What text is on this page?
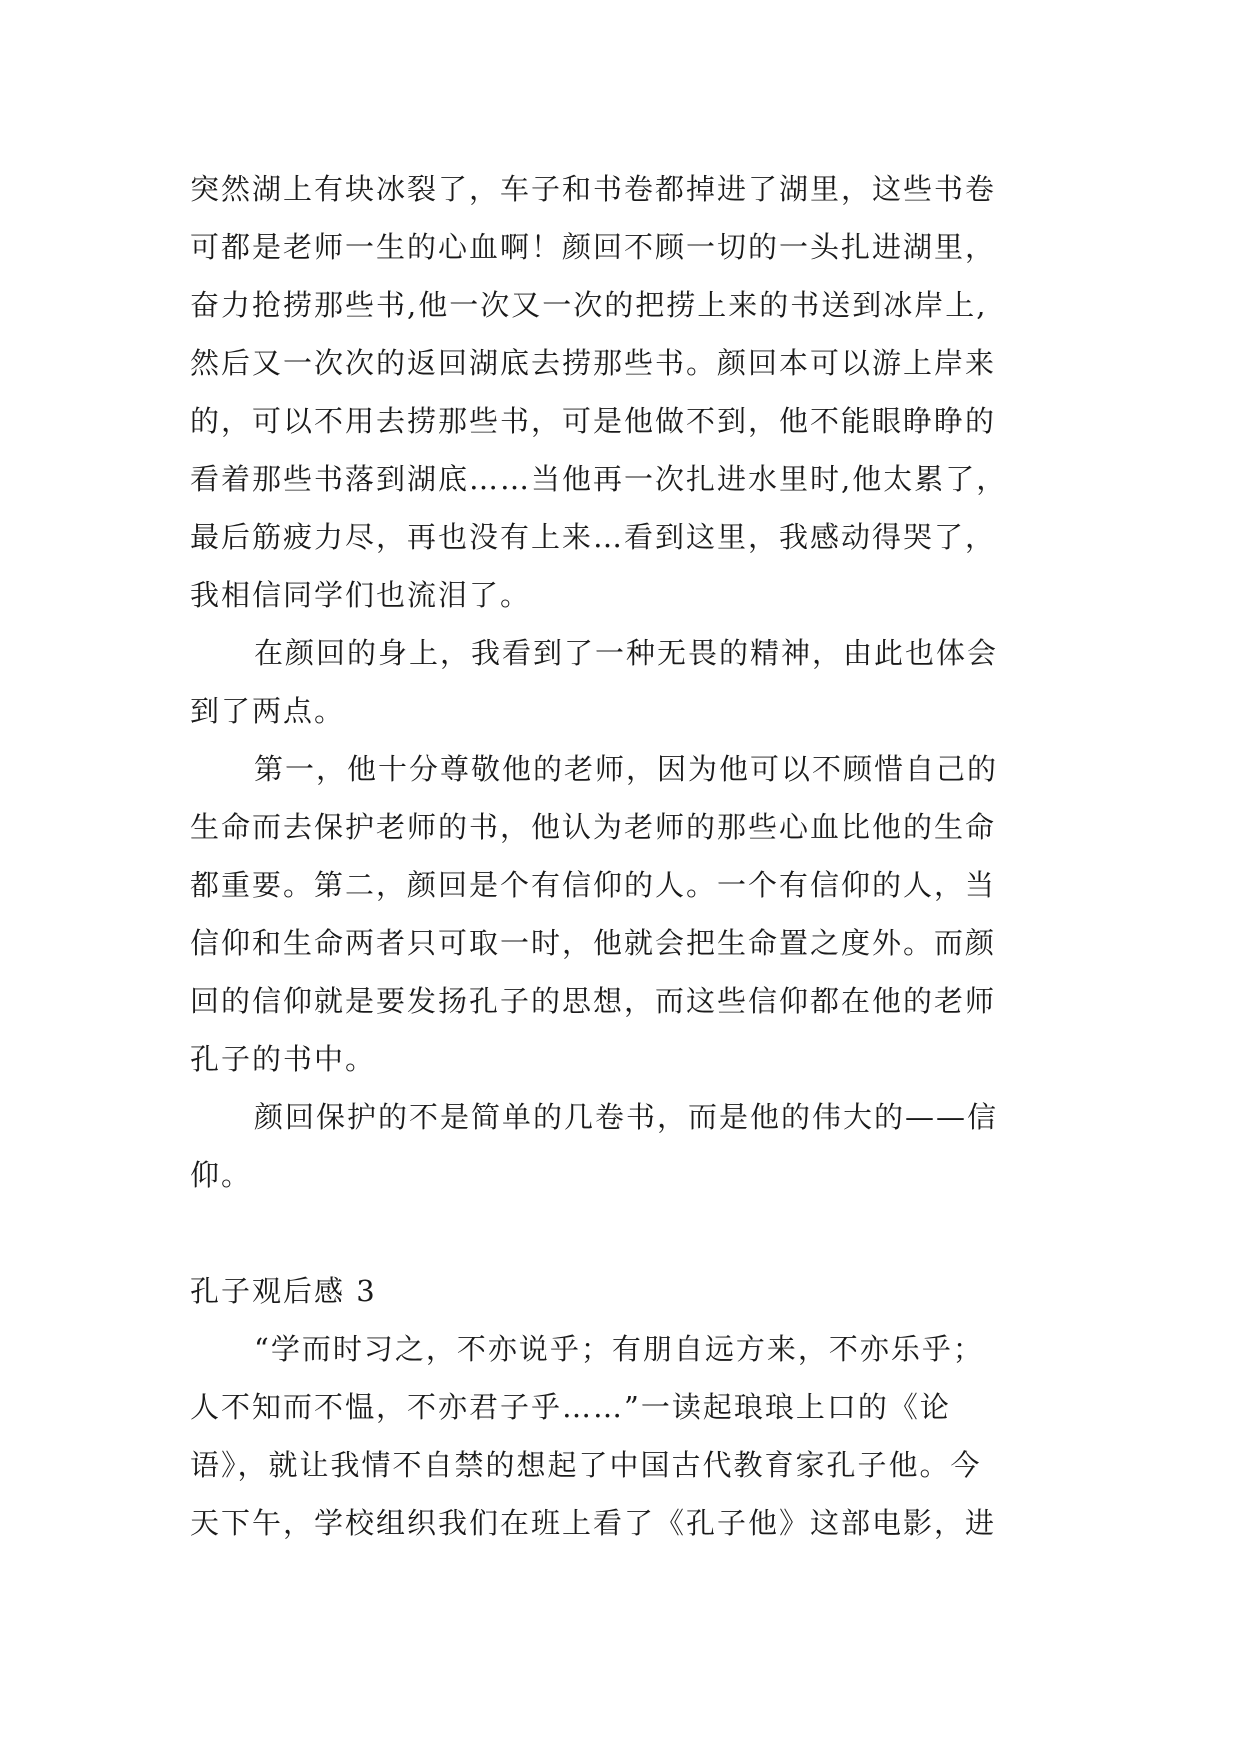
突然湖上有块冰裂了，车子和书卷都掉进了湖里，这些书卷
可都是老师一生的心血啊！颜回不顾一切的一头扎进湖里，
奋力抢捞那些书,他一次又一次的把捞上来的书送到冰岸上,
然后又一次次的返回湖底去捞那些书。颜回本可以游上岸来
的，可以不用去捞那些书，可是他做不到，他不能眼睁睁的
看着那些书落到湖底……当他再一次扎进水里时,他太累了，
最后筋疲力尽，再也没有上来…看到这里，我感动得哭了，
我相信同学们也流泪了。
在颜回的身上，我看到了一种无畏的精神，由此也体会
到了两点。
第一，他十分尊敬他的老师，因为他可以不顾惜自己的
生命而去保护老师的书，他认为老师的那些心血比他的生命
都重要。第二，颜回是个有信仰的人。一个有信仰的人，当
信仰和生命两者只可取一时，他就会把生命置之度外。而颜
回的信仰就是要发扬孔子的思想，而这些信仰都在他的老师
孔子的书中。
颜回保护的不是简单的几卷书，而是他的伟大的——信
仰。
孔子观后感 3
“学而时习之，不亦说乎；有朋自远方来，不亦乐乎；
人不知而不愠，不亦君子乎……”一读起琅琅上口的《论
语》，就让我情不自禁的想起了中国古代教育家孔子他。今
天下午，学校组织我们在班上看了《孔子他》这部电影，进
